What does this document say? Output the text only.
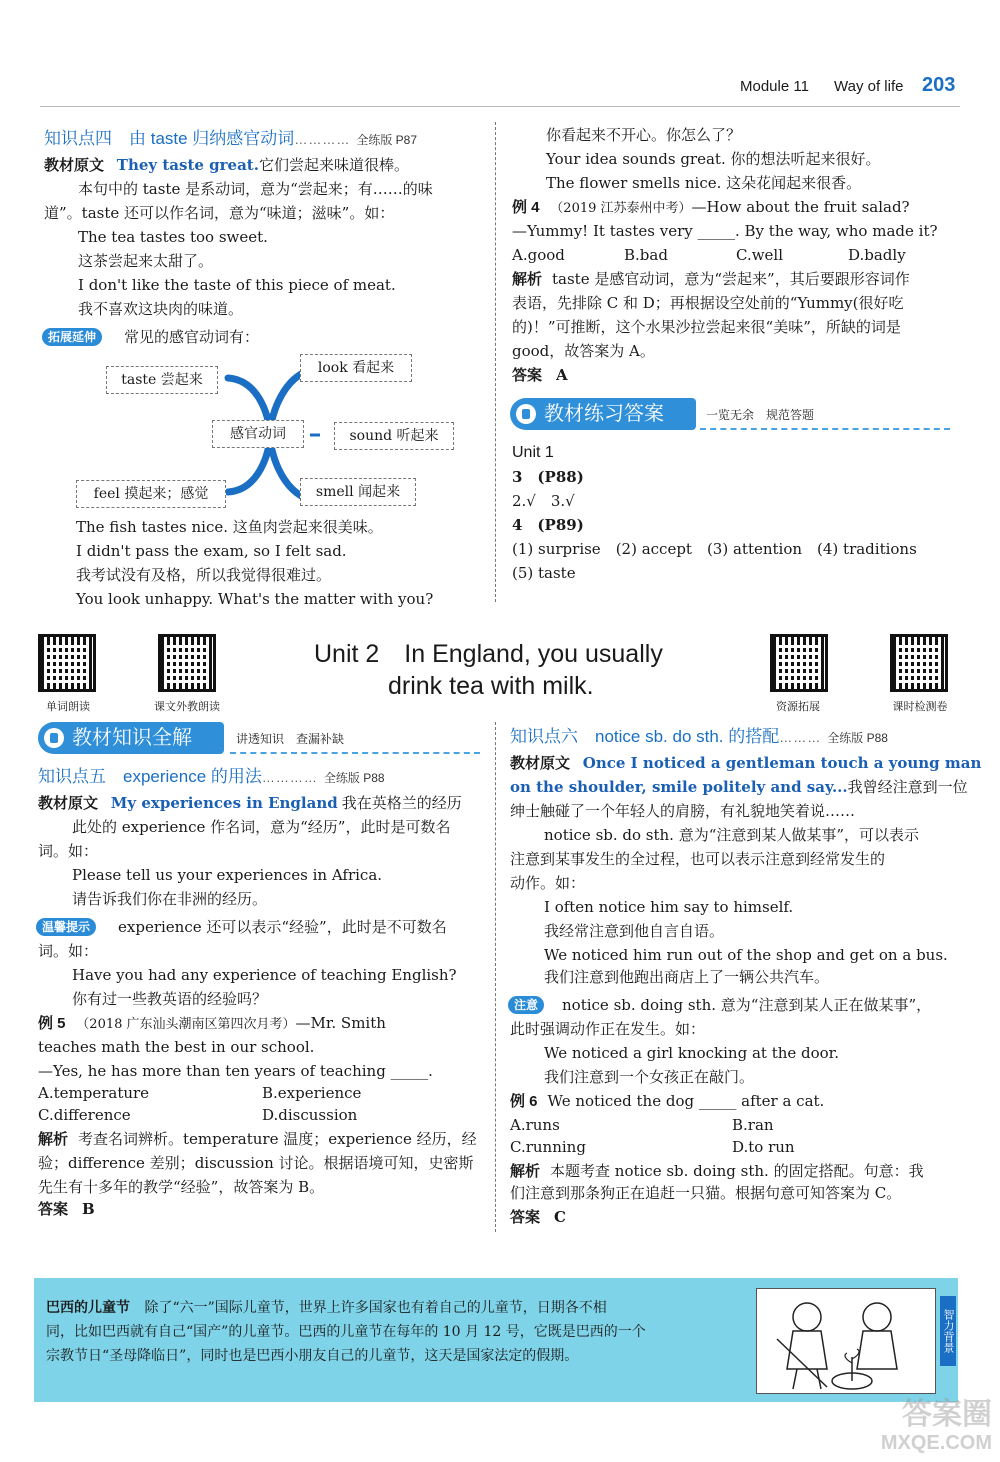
Module 11 Way of life 203
知识点四　由 taste 归纳感官动词………… 全练版 P87
教材原文 They taste great.它们尝起来味道很棒。
本句中的 taste 是系动词，意为“尝起来；有……的味
道”。taste 还可以作名词，意为“味道；滋味”。如：
The tea tastes too sweet.
这茶尝起来太甜了。
I don't like the taste of this piece of meat.
我不喜欢这块肉的味道。
拓展延伸	常见的感官动词有：
taste 尝起来
look 看起来
感官动词	sound 听起来
feel 摸起来；感觉	smell 闻起来
The fish tastes nice. 这鱼肉尝起来很美味。
I didn't pass the exam, so I felt sad.
我考试没有及格，所以我觉得很难过。
You look unhappy. What's the matter with you?
你看起来不开心。你怎么了？
Your idea sounds great. 你的想法听起来很好。
The flower smells nice. 这朵花闻起来很香。
例 4 （2019 江苏泰州中考）—How about the fruit salad?
—Yummy! It tastes very _____. By the way, who made it?
A.good	B.bad	C.well	D.badly
解析 taste 是感官动词，意为“尝起来”，其后要跟形容词作
表语，先排除 C 和 D；再根据设空处前的“Yummy(很好吃
的)！”可推断，这个水果沙拉尝起来很“美味”，所缺的词是
good，故答案为 A。
答案 A
教材练习答案	一览无余　规范答题
Unit 1
3　(P88)
2.√　3.√
4　(P89)
(1) surprise　(2) accept　(3) attention　(4) traditions
(5) taste
单词朗读	课文外教朗读
Unit 2　In England, you usually
drink tea with milk.
资源拓展	课时检测卷
教材知识全解	讲透知识　查漏补缺
知识点五　experience 的用法………… 全练版 P88
教材原文 My experiences in England 我在英格兰的经历
此处的 experience 作名词，意为“经历”，此时是可数名
词。如：
Please tell us your experiences in Africa.
请告诉我们你在非洲的经历。
温馨提示	experience 还可以表示“经验”，此时是不可数名
词。如：
Have you had any experience of teaching English?
你有过一些教英语的经验吗？
例 5 （2018 广东汕头潮南区第四次月考）—Mr. Smith
teaches math the best in our school.
—Yes, he has more than ten years of teaching _____.
A.temperature	B.experience
C.difference	D.discussion
解析 考查名词辨析。temperature 温度；experience 经历，经
验；difference 差别；discussion 讨论。根据语境可知，史密斯
先生有十多年的教学“经验”，故答案为 B。
答案 B
知识点六　notice sb. do sth. 的搭配……… 全练版 P88
教材原文 Once I noticed a gentleman touch a young man
on the shoulder, smile politely and say...我曾经注意到一位
绅士触碰了一个年轻人的肩膀，有礼貌地笑着说……
notice sb. do sth. 意为“注意到某人做某事”，可以表示
注意到某事发生的全过程，也可以表示注意到经常发生的
动作。如：
I often notice him say to himself.
我经常注意到他自言自语。
We noticed him run out of the shop and get on a bus.
我们注意到他跑出商店上了一辆公共汽车。
注意	notice sb. doing sth. 意为“注意到某人正在做某事”，
此时强调动作正在发生。如：
We noticed a girl knocking at the door.
我们注意到一个女孩正在敲门。
例 6 We noticed the dog _____ after a cat.
A.runs	B.ran
C.running	D.to run
解析 本题考查 notice sb. doing sth. 的固定搭配。句意：我
们注意到那条狗正在追赶一只猫。根据句意可知答案为 C。
答案 C
巴西的儿童节 除了“六一”国际儿童节，世界上许多国家也有着自己的儿童节，日期各不相
同，比如巴西就有自己“国产”的儿童节。巴西的儿童节在每年的 10 月 12 号，它既是巴西的一个
宗教节日“圣母降临日”，同时也是巴西小朋友自己的儿童节，这天是国家法定的假期。
智力背景
答案圈
MXQE.COM
